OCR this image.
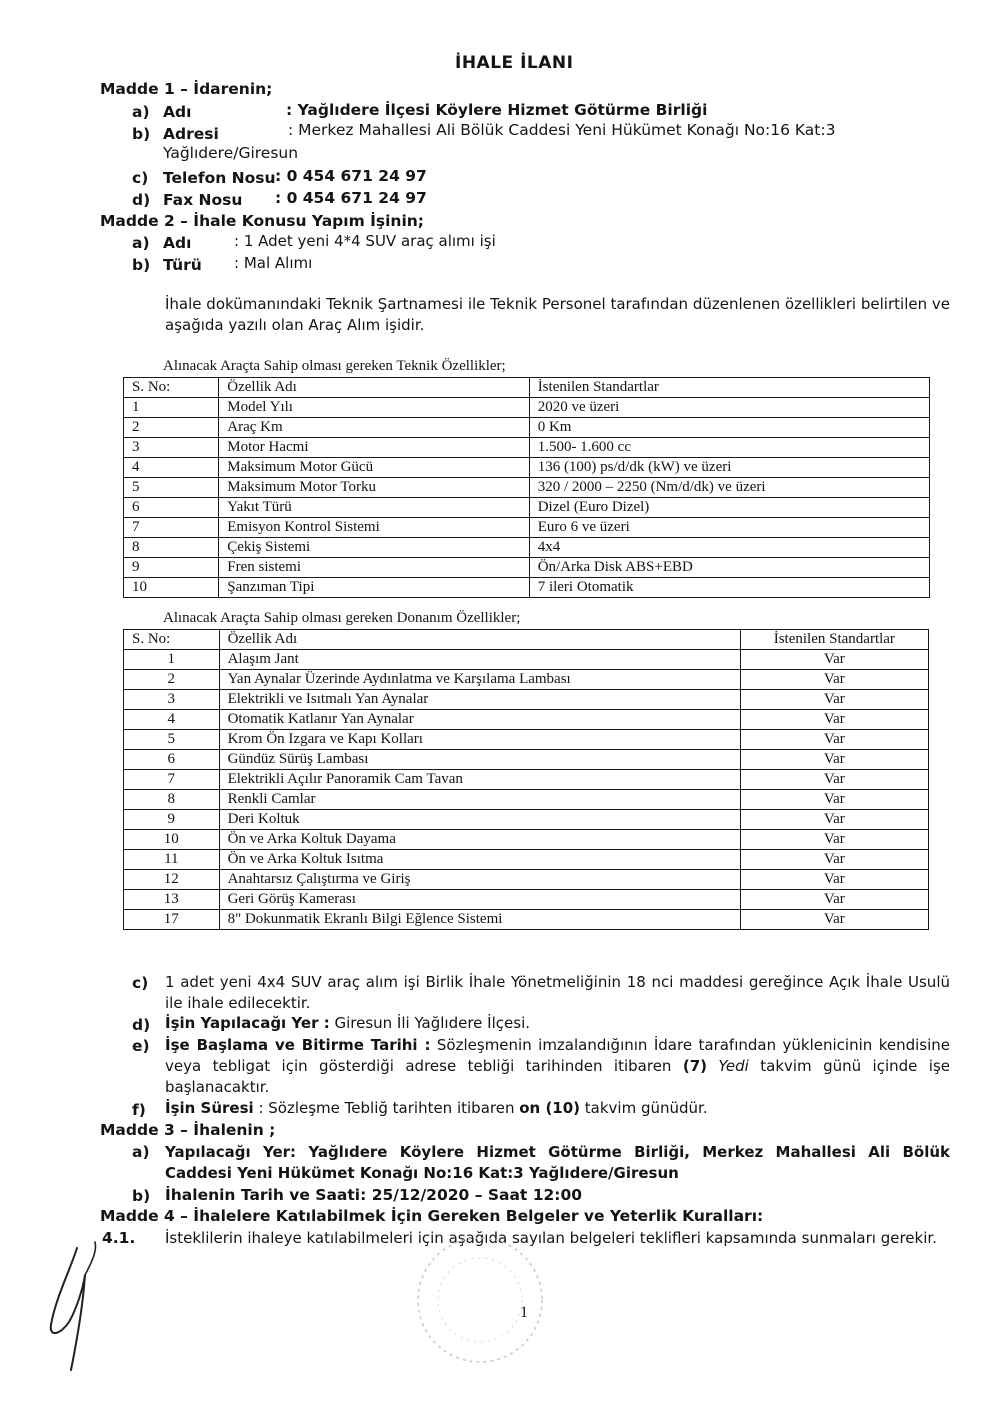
İHALE İLANI
Madde 1 – İdarenin;
a) Adı	: Yağlıdere İlçesi Köylere Hizmet Götürme Birliği
b) Adresi	: Merkez Mahallesi Ali Bölük Caddesi Yeni Hükümet Konağı No:16 Kat:3
Yağlıdere/Giresun
c) Telefon Nosu : 0 454 671 24 97
d) Fax Nosu : 0 454 671 24 97
Madde 2 – İhale Konusu Yapım İşinin;
a) Adı	: 1 Adet yeni 4*4 SUV araç alımı işi
b) Türü : Mal Alımı
İhale dokümanındaki Teknik Şartnamesi ile Teknik Personel tarafından düzenlenen özellikleri belirtilen ve aşağıda yazılı olan Araç Alım işidir.
Alınacak Araçta Sahip olması gereken Teknik Özellikler;
S. No:	Özellik Adı	İstenilen Standartlar
1	Model Yılı	2020 ve üzeri
2	Araç Km	0 Km
3	Motor Hacmi	1.500- 1.600 cc
4	Maksimum Motor Gücü	136 (100) ps/d/dk (kW) ve üzeri
5	Maksimum Motor Torku	320 / 2000 – 2250 (Nm/d/dk) ve üzeri
6	Yakıt Türü	Dizel (Euro Dizel)
7	Emisyon Kontrol Sistemi	Euro 6 ve üzeri
8	Çekiş Sistemi	4x4
9	Fren sistemi	Ön/Arka Disk ABS+EBD
10	Şanzıman Tipi	7 ileri Otomatik
Alınacak Araçta Sahip olması gereken Donanım Özellikler;
S. No:	Özellik Adı	İstenilen Standartlar
1	Alaşım Jant	Var
2	Yan Aynalar Üzerinde Aydınlatma ve Karşılama Lambası	Var
3	Elektrikli ve Isıtmalı Yan Aynalar	Var
4	Otomatik Katlanır Yan Aynalar	Var
5	Krom Ön Izgara ve Kapı Kolları	Var
6	Gündüz Sürüş Lambası	Var
7	Elektrikli Açılır Panoramik Cam Tavan	Var
8	Renkli Camlar	Var
9	Deri Koltuk	Var
10	Ön ve Arka Koltuk Dayama	Var
11	Ön ve Arka Koltuk Isıtma	Var
12	Anahtarsız Çalıştırma ve Giriş	Var
13	Geri Görüş Kamerası	Var
17	8" Dokunmatik Ekranlı Bilgi Eğlence Sistemi	Var
c) 1 adet yeni 4x4 SUV araç alım işi Birlik İhale Yönetmeliğinin 18 nci maddesi gereğince Açık İhale Usulü ile ihale edilecektir.
d) İşin Yapılacağı Yer : Giresun İli Yağlıdere İlçesi.
e) İşe Başlama ve Bitirme Tarihi : Sözleşmenin imzalandığının İdare tarafından yüklenicinin kendisine veya tebligat için gösterdiği adrese tebliği tarihinden itibaren (7) Yedi takvim günü içinde işe başlanacaktır.
f) İşin Süresi : Sözleşme Tebliğ tarihten itibaren on (10) takvim günüdür.
Madde 3 – İhalenin ;
a) Yapılacağı Yer: Yağlıdere Köylere Hizmet Götürme Birliği, Merkez Mahallesi Ali Bölük Caddesi Yeni Hükümet Konağı No:16 Kat:3 Yağlıdere/Giresun
b) İhalenin Tarih ve Saati: 25/12/2020 – Saat 12:00
Madde 4 – İhalelere Katılabilmek İçin Gereken Belgeler ve Yeterlik Kuralları:
4.1. İsteklilerin ihaleye katılabilmeleri için aşağıda sayılan belgeleri teklifleri kapsamında sunmaları gerekir.
1
